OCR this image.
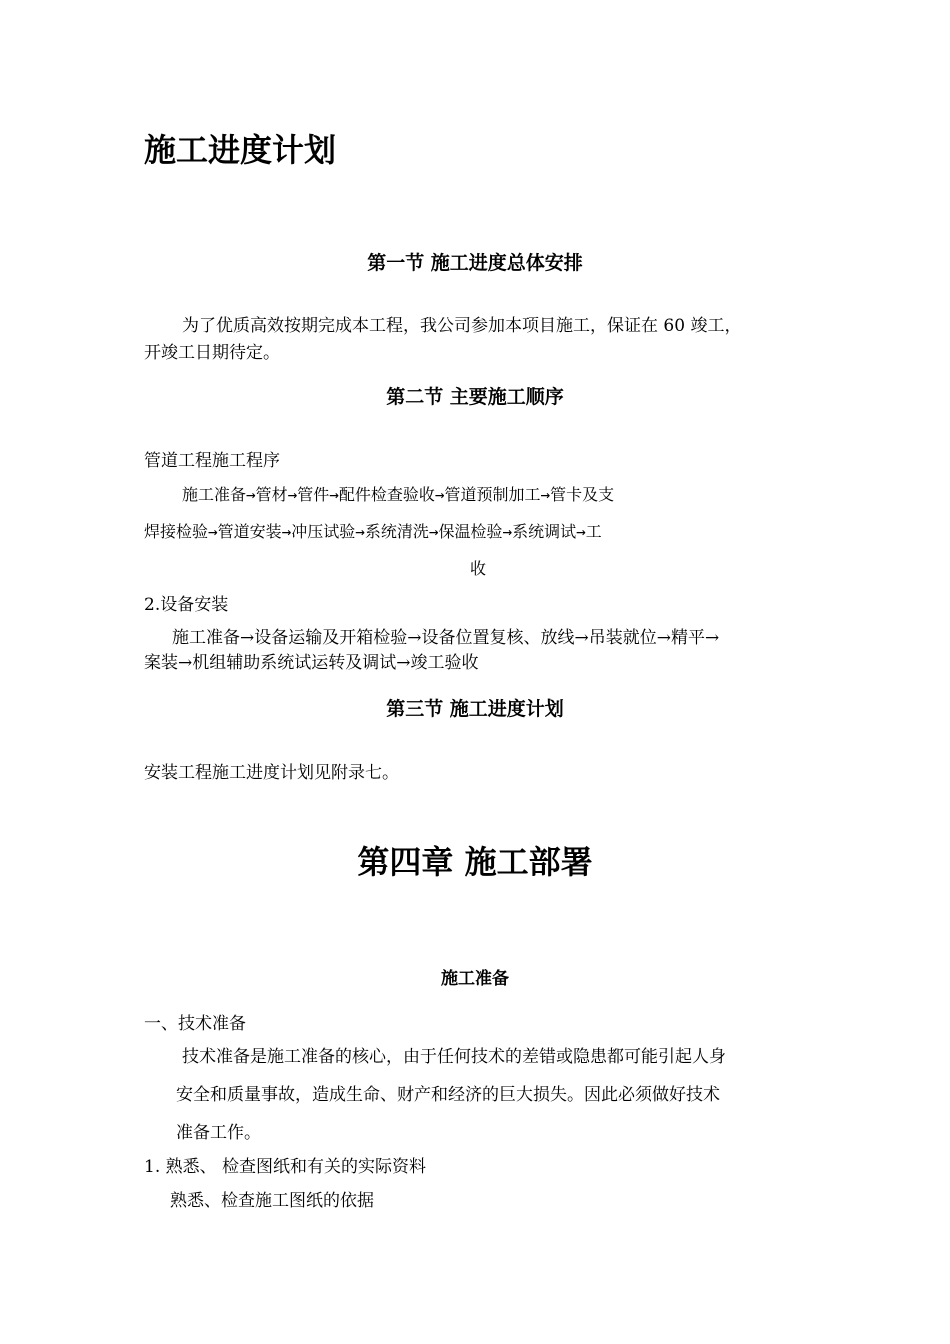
施工进度计划
第一节 施工进度总体安排

为了优质高效按期完成本工程，我公司参加本项目施工，保证在 60 竣工，

开竣工日期待定。

第二节 主要施工顺序

管道工程施工程序

施工准备→管材→管件→配件检查验收→管道预制加工→管卡及支

焊接检验→管道安装→冲压试验→系统清洗→保温检验→系统调试→工

收

2.设备安装

施工准备→设备运输及开箱检验→设备位置复核、放线→吊装就位→精平→

案装→机组辅助系统试运转及调试→竣工验收

第三节 施工进度计划

安装工程施工进度计划见附录七。

第四章 施工部署
施工准备

一、技术准备

技术准备是施工准备的核心，由于任何技术的差错或隐患都可能引起人身

安全和质量事故，造成生命、财产和经济的巨大损失。因此必须做好技术

准备工作。

1. 熟悉、 检查图纸和有关的实际资料

熟悉、检查施工图纸的依据
